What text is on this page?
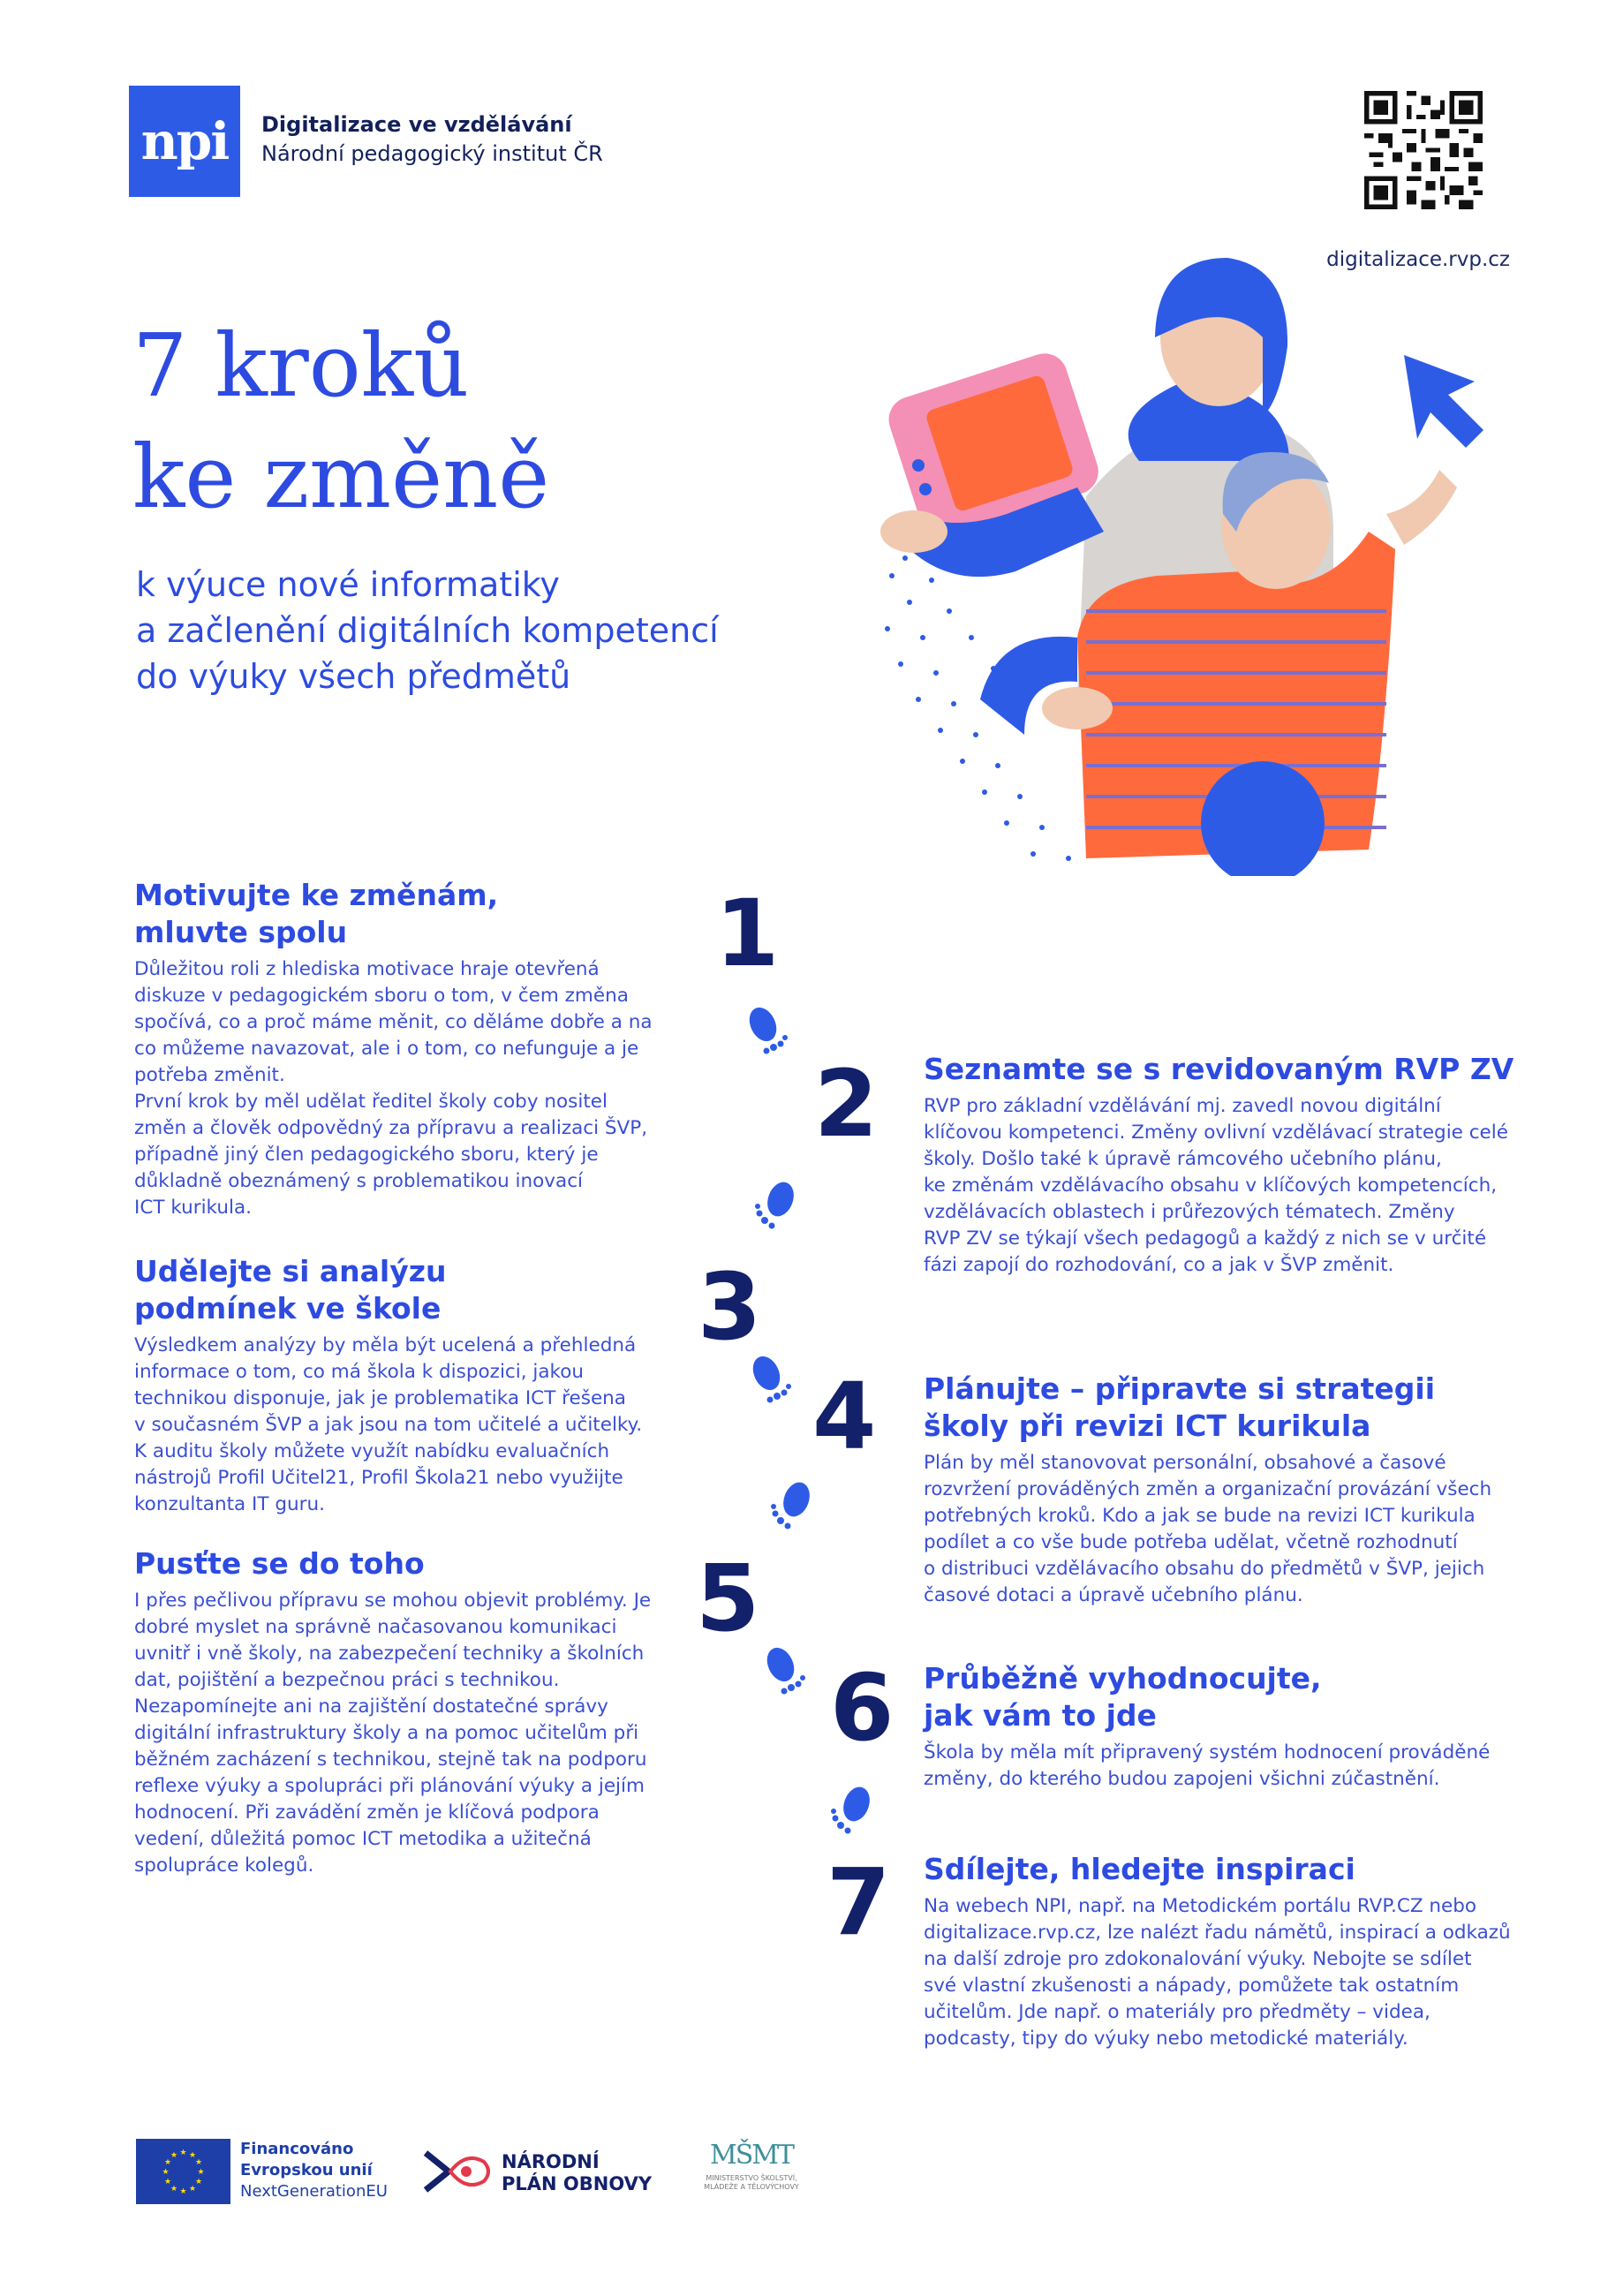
npi Digitalizace ve vzdělávání
Národní pedagogický institut ČR
digitalizace.rvp.cz
7 kroků
ke změně
k výuce nové informatiky
a začlenění digitálních kompetencí
do výuky všech předmětů
1
2
3
4
5
6
7
Motivujte ke změnám,
mluvte spolu
Důležitou roli z hlediska motivace hraje otevřená
diskuze v pedagogickém sboru o tom, v čem změna
spočívá, co a proč máme měnit, co děláme dobře a na
co můžeme navazovat, ale i o tom, co nefunguje a je
potřeba změnit.
První krok by měl udělat ředitel školy coby nositel
změn a člověk odpovědný za přípravu a realizaci ŠVP,
případně jiný člen pedagogického sboru, který je
důkladně obeznámený s problematikou inovací
ICT kurikula.
Seznamte se s revidovaným RVP ZV
RVP pro základní vzdělávání mj. zavedl novou digitální
klíčovou kompetenci. Změny ovlivní vzdělávací strategie celé
školy. Došlo také k úpravě rámcového učebního plánu,
ke změnám vzdělávacího obsahu v klíčových kompetencích,
vzdělávacích oblastech i průřezových tématech. Změny
RVP ZV se týkají všech pedagogů a každý z nich se v určité
fázi zapojí do rozhodování, co a jak v ŠVP změnit.
Udělejte si analýzu
podmínek ve škole
Výsledkem analýzy by měla být ucelená a přehledná
informace o tom, co má škola k dispozici, jakou
technikou disponuje, jak je problematika ICT řešena
v současném ŠVP a jak jsou na tom učitelé a učitelky.
K auditu školy můžete využít nabídku evaluačních
nástrojů Profil Učitel21, Profil Škola21 nebo využijte
konzultanta IT guru.
Plánujte – připravte si strategii
školy při revizi ICT kurikula
Plán by měl stanovovat personální, obsahové a časové
rozvržení prováděných změn a organizační provázání všech
potřebných kroků. Kdo a jak se bude na revizi ICT kurikula
podílet a co vše bude potřeba udělat, včetně rozhodnutí
o distribuci vzdělávacího obsahu do předmětů v ŠVP, jejich
časové dotaci a úpravě učebního plánu.
Pusťte se do toho
I přes pečlivou přípravu se mohou objevit problémy. Je
dobré myslet na správně načasovanou komunikaci
uvnitř i vně školy, na zabezpečení techniky a školních
dat, pojištění a bezpečnou práci s technikou.
Nezapomínejte ani na zajištění dostatečné správy
digitální infrastruktury školy a na pomoc učitelům při
běžném zacházení s technikou, stejně tak na podporu
reflexe výuky a spolupráci při plánování výuky a jejím
hodnocení. Při zavádění změn je klíčová podpora
vedení, důležitá pomoc ICT metodika a užitečná
spolupráce kolegů.
Průběžně vyhodnocujte,
jak vám to jde
Škola by měla mít připravený systém hodnocení prováděné
změny, do kterého budou zapojeni všichni zúčastnění.
Sdílejte, hledejte inspiraci
Na webech NPI, např. na Metodickém portálu RVP.CZ nebo
digitalizace.rvp.cz, lze nalézt řadu námětů, inspirací a odkazů
na další zdroje pro zdokonalování výuky. Nebojte se sdílet
své vlastní zkušenosti a nápady, pomůžete tak ostatním
učitelům. Jde např. o materiály pro předměty – videa,
podcasty, tipy do výuky nebo metodické materiály.
★ ★
★
★
★
★
★
★
★
★
★
★	Financováno
Evropskou unií
NextGenerationEU
NÁRODNÍ
PLÁN OBNOVY
MŠMT
MINISTERSTVO ŠKOLSTVÍ,
MLÁDEŽE A TĚLOVÝCHOVY
